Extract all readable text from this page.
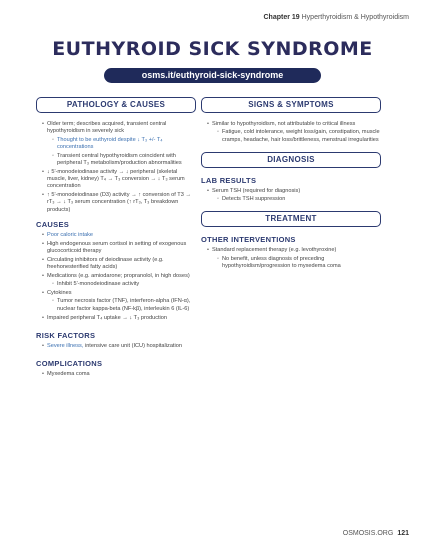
Chapter 19 Hyperthyroidism & Hypothyroidism
EUTHYROID SICK SYNDROME
osms.it/euthyroid-sick-syndrome
PATHOLOGY & CAUSES
• Older term; describes acquired, transient central hypothyroidism in severely sick
◦ Thought to be euthyroid despite ↓ T₃ +/- T₄ concentrations
◦ Transient central hypothyroidism coincident with peripheral T₃ metabolism/production abnormalities
• ↓ 5'-monodeiodinase activity → ↓ peripheral (skeletal muscle, liver, kidney) T₄ → T₃ conversion → ↓ T₃ serum concentration
• ↑ 5'-monodeiodinase (D3) activity → ↑ conversion of T3 → rT₃ → ↓ T₃ serum concentration (↑ rT₃, T₃ breakdown products)
CAUSES
• Poor caloric intake
• High endogenous serum cortisol in setting of exogenous glucocorticoid therapy
• Circulating inhibitors of deiodinase activity (e.g. freehonesterified fatty acids)
• Medications (e.g. amiodarone; propranolol, in high doses)
◦ Inhibit 5'-monodeiodinase activity
• Cytokines
◦ Tumor necrosis factor (TNF), interferon-alpha (IFN-α), nuclear factor kappa-beta (NF-kβ), interleukin 6 (IL-6)
• Impaired peripheral T₄ uptake → ↓ T₃ production
RISK FACTORS
• Severe illness, intensive care unit (ICU) hospitalization
COMPLICATIONS
• Myxedema coma
SIGNS & SYMPTOMS
• Similar to hypothyroidism, not attributable to critical illness
◦ Fatigue, cold intolerance, weight loss/gain, constipation, muscle cramps, headache, hair loss/brittleness, menstrual irregularities
DIAGNOSIS
LAB RESULTS
• Serum TSH (required for diagnosis)
◦ Detects TSH suppression
TREATMENT
OTHER INTERVENTIONS
• Standard replacement therapy (e.g. levothyroxine)
◦ No benefit, unless diagnosis of preceding hypothyroidism/progression to myxedema coma
OSMOSIS.ORG 121
